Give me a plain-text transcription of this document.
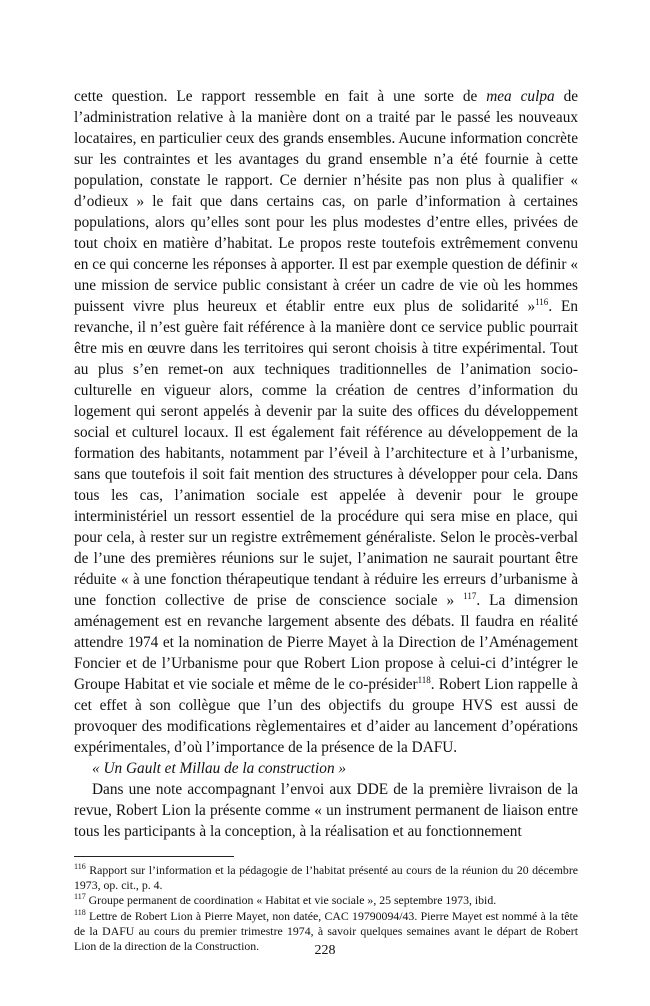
cette question. Le rapport ressemble en fait à une sorte de mea culpa de l’administration relative à la manière dont on a traité par le passé les nouveaux locataires, en particulier ceux des grands ensembles. Aucune information concrète sur les contraintes et les avantages du grand ensemble n’a été fournie à cette population, constate le rapport. Ce dernier n’hésite pas non plus à qualifier « d’odieux » le fait que dans certains cas, on parle d’information à certaines populations, alors qu’elles sont pour les plus modestes d’entre elles, privées de tout choix en matière d’habitat. Le propos reste toutefois extrêmement convenu en ce qui concerne les réponses à apporter. Il est par exemple question de définir « une mission de service public consistant à créer un cadre de vie où les hommes puissent vivre plus heureux et établir entre eux plus de solidarité »$^{116}$. En revanche, il n’est guère fait référence à la manière dont ce service public pourrait être mis en œuvre dans les territoires qui seront choisis à titre expérimental. Tout au plus s’en remet-on aux techniques traditionnelles de l’animation socio-culturelle en vigueur alors, comme la création de centres d’information du logement qui seront appelés à devenir par la suite des offices du développement social et culturel locaux. Il est également fait référence au développement de la formation des habitants, notamment par l’éveil à l’architecture et à l’urbanisme, sans que toutefois il soit fait mention des structures à développer pour cela. Dans tous les cas, l’animation sociale est appelée à devenir pour le groupe interministériel un ressort essentiel de la procédure qui sera mise en place, qui pour cela, à rester sur un registre extrêmement généraliste. Selon le procès-verbal de l’une des premières réunions sur le sujet, l’animation ne saurait pourtant être réduite « à une fonction thérapeutique tendant à réduire les erreurs d’urbanisme à une fonction collective de prise de conscience sociale » $^{117}$. La dimension aménagement est en revanche largement absente des débats. Il faudra en réalité attendre 1974 et la nomination de Pierre Mayet à la Direction de l’Aménagement Foncier et de l’Urbanisme pour que Robert Lion propose à celui-ci d’intégrer le Groupe Habitat et vie sociale et même de le co-présider$^{118}$. Robert Lion rappelle à cet effet à son collègue que l’un des objectifs du groupe HVS est aussi de provoquer des modifications règlementaires et d’aider au lancement d’opérations expérimentales, d’où l’importance de la présence de la DAFU.

« Un Gault et Millau de la construction »

Dans une note accompagnant l’envoi aux DDE de la première livraison de la revue, Robert Lion la présente comme « un instrument permanent de liaison entre tous les participants à la conception, à la réalisation et au fonctionnement

$^{116}$ Rapport sur l’information et la pédagogie de l’habitat présenté au cours de la réunion du 20 décembre 1973, op. cit., p. 4.

$^{117}$ Groupe permanent de coordination « Habitat et vie sociale », 25 septembre 1973, ibid.

$^{118}$ Lettre de Robert Lion à Pierre Mayet, non datée, CAC 19790094/43. Pierre Mayet est nommé à la tête de la DAFU au cours du premier trimestre 1974, à savoir quelques semaines avant le départ de Robert Lion de la direction de la Construction.	228
